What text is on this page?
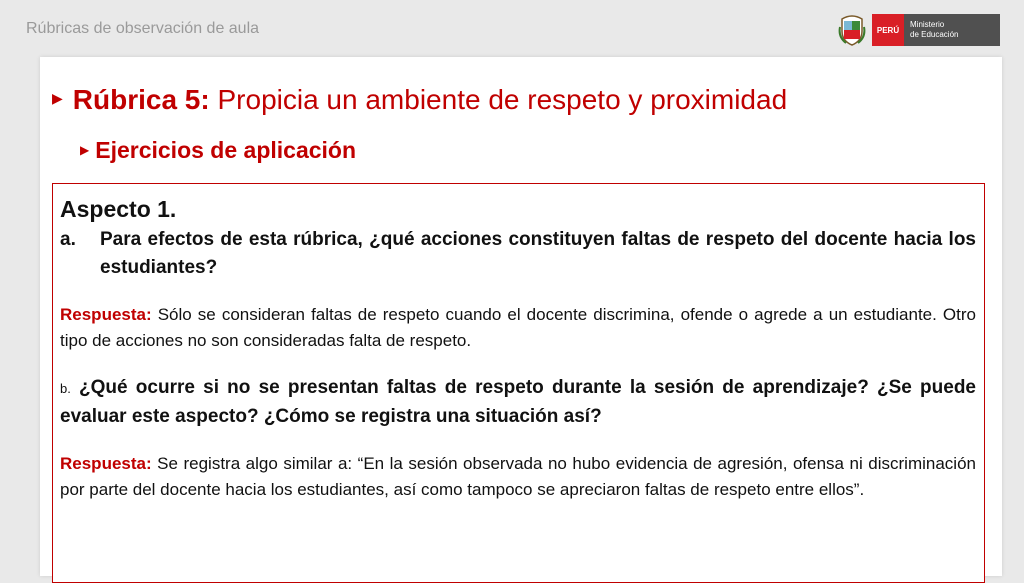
Rúbricas de observación de aula	PERÚ
Ministerio
de Educación
▶ Rúbrica 5: Propicia un ambiente de respeto y proximidad
▶ Ejercicios de aplicación
Aspecto 1.
a.	Para efectos de esta rúbrica, ¿qué acciones constituyen faltas de respeto del docente hacia los estudiantes?
Respuesta: Sólo se consideran faltas de respeto cuando el docente discrimina, ofende o agrede a un estudiante. Otro tipo de acciones no son consideradas falta de respeto.
b. ¿Qué ocurre si no se presentan faltas de respeto durante la sesión de aprendizaje? ¿Se puede evaluar este aspecto? ¿Cómo se registra una situación así?
Respuesta: Se registra algo similar a: “En la sesión observada no hubo evidencia de agresión, ofensa ni discriminación por parte del docente hacia los estudiantes, así como tampoco se apreciaron faltas de respeto entre ellos”.
